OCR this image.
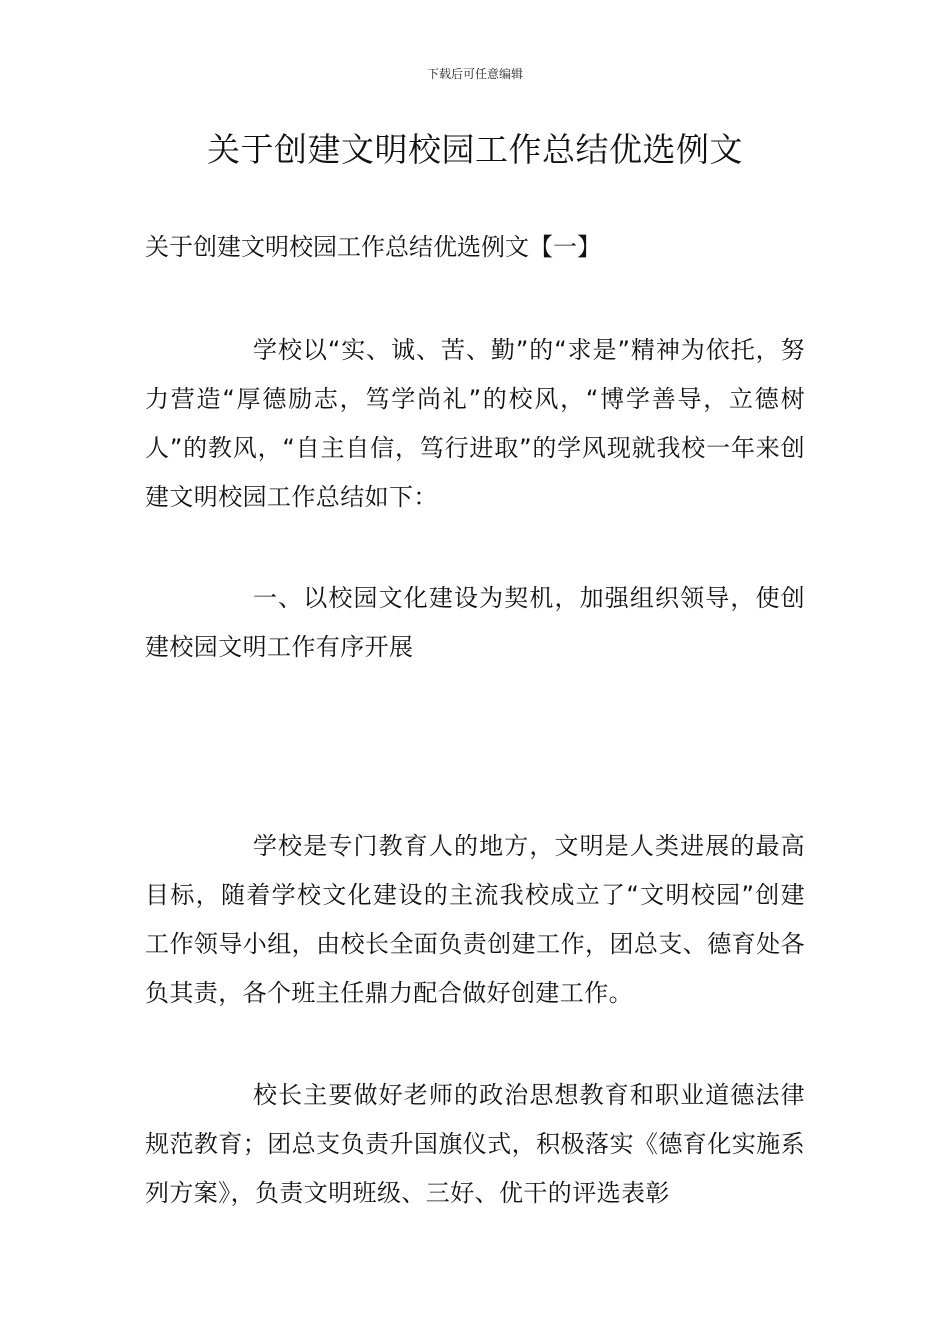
下载后可任意编辑
关于创建文明校园工作总结优选例文
关于创建文明校园工作总结优选例文【一】

学校以“实、诚、苦、勤”的“求是”精神为依托，努力营造“厚德励志，笃学尚礼”的校风，“博学善导，立德树人”的教风，“自主自信，笃行进取”的学风现就我校一年来创建文明校园工作总结如下：

一、以校园文化建设为契机，加强组织领导，使创建校园文明工作有序开展

学校是专门教育人的地方，文明是人类进展的最高目标，随着学校文化建设的主流我校成立了“文明校园”创建工作领导小组，由校长全面负责创建工作，团总支、德育处各负其责，各个班主任鼎力配合做好创建工作。

校长主要做好老师的政治思想教育和职业道德法律规范教育；团总支负责升国旗仪式，积极落实《德育化实施系列方案》，负责文明班级、三好、优干的评选表彰
